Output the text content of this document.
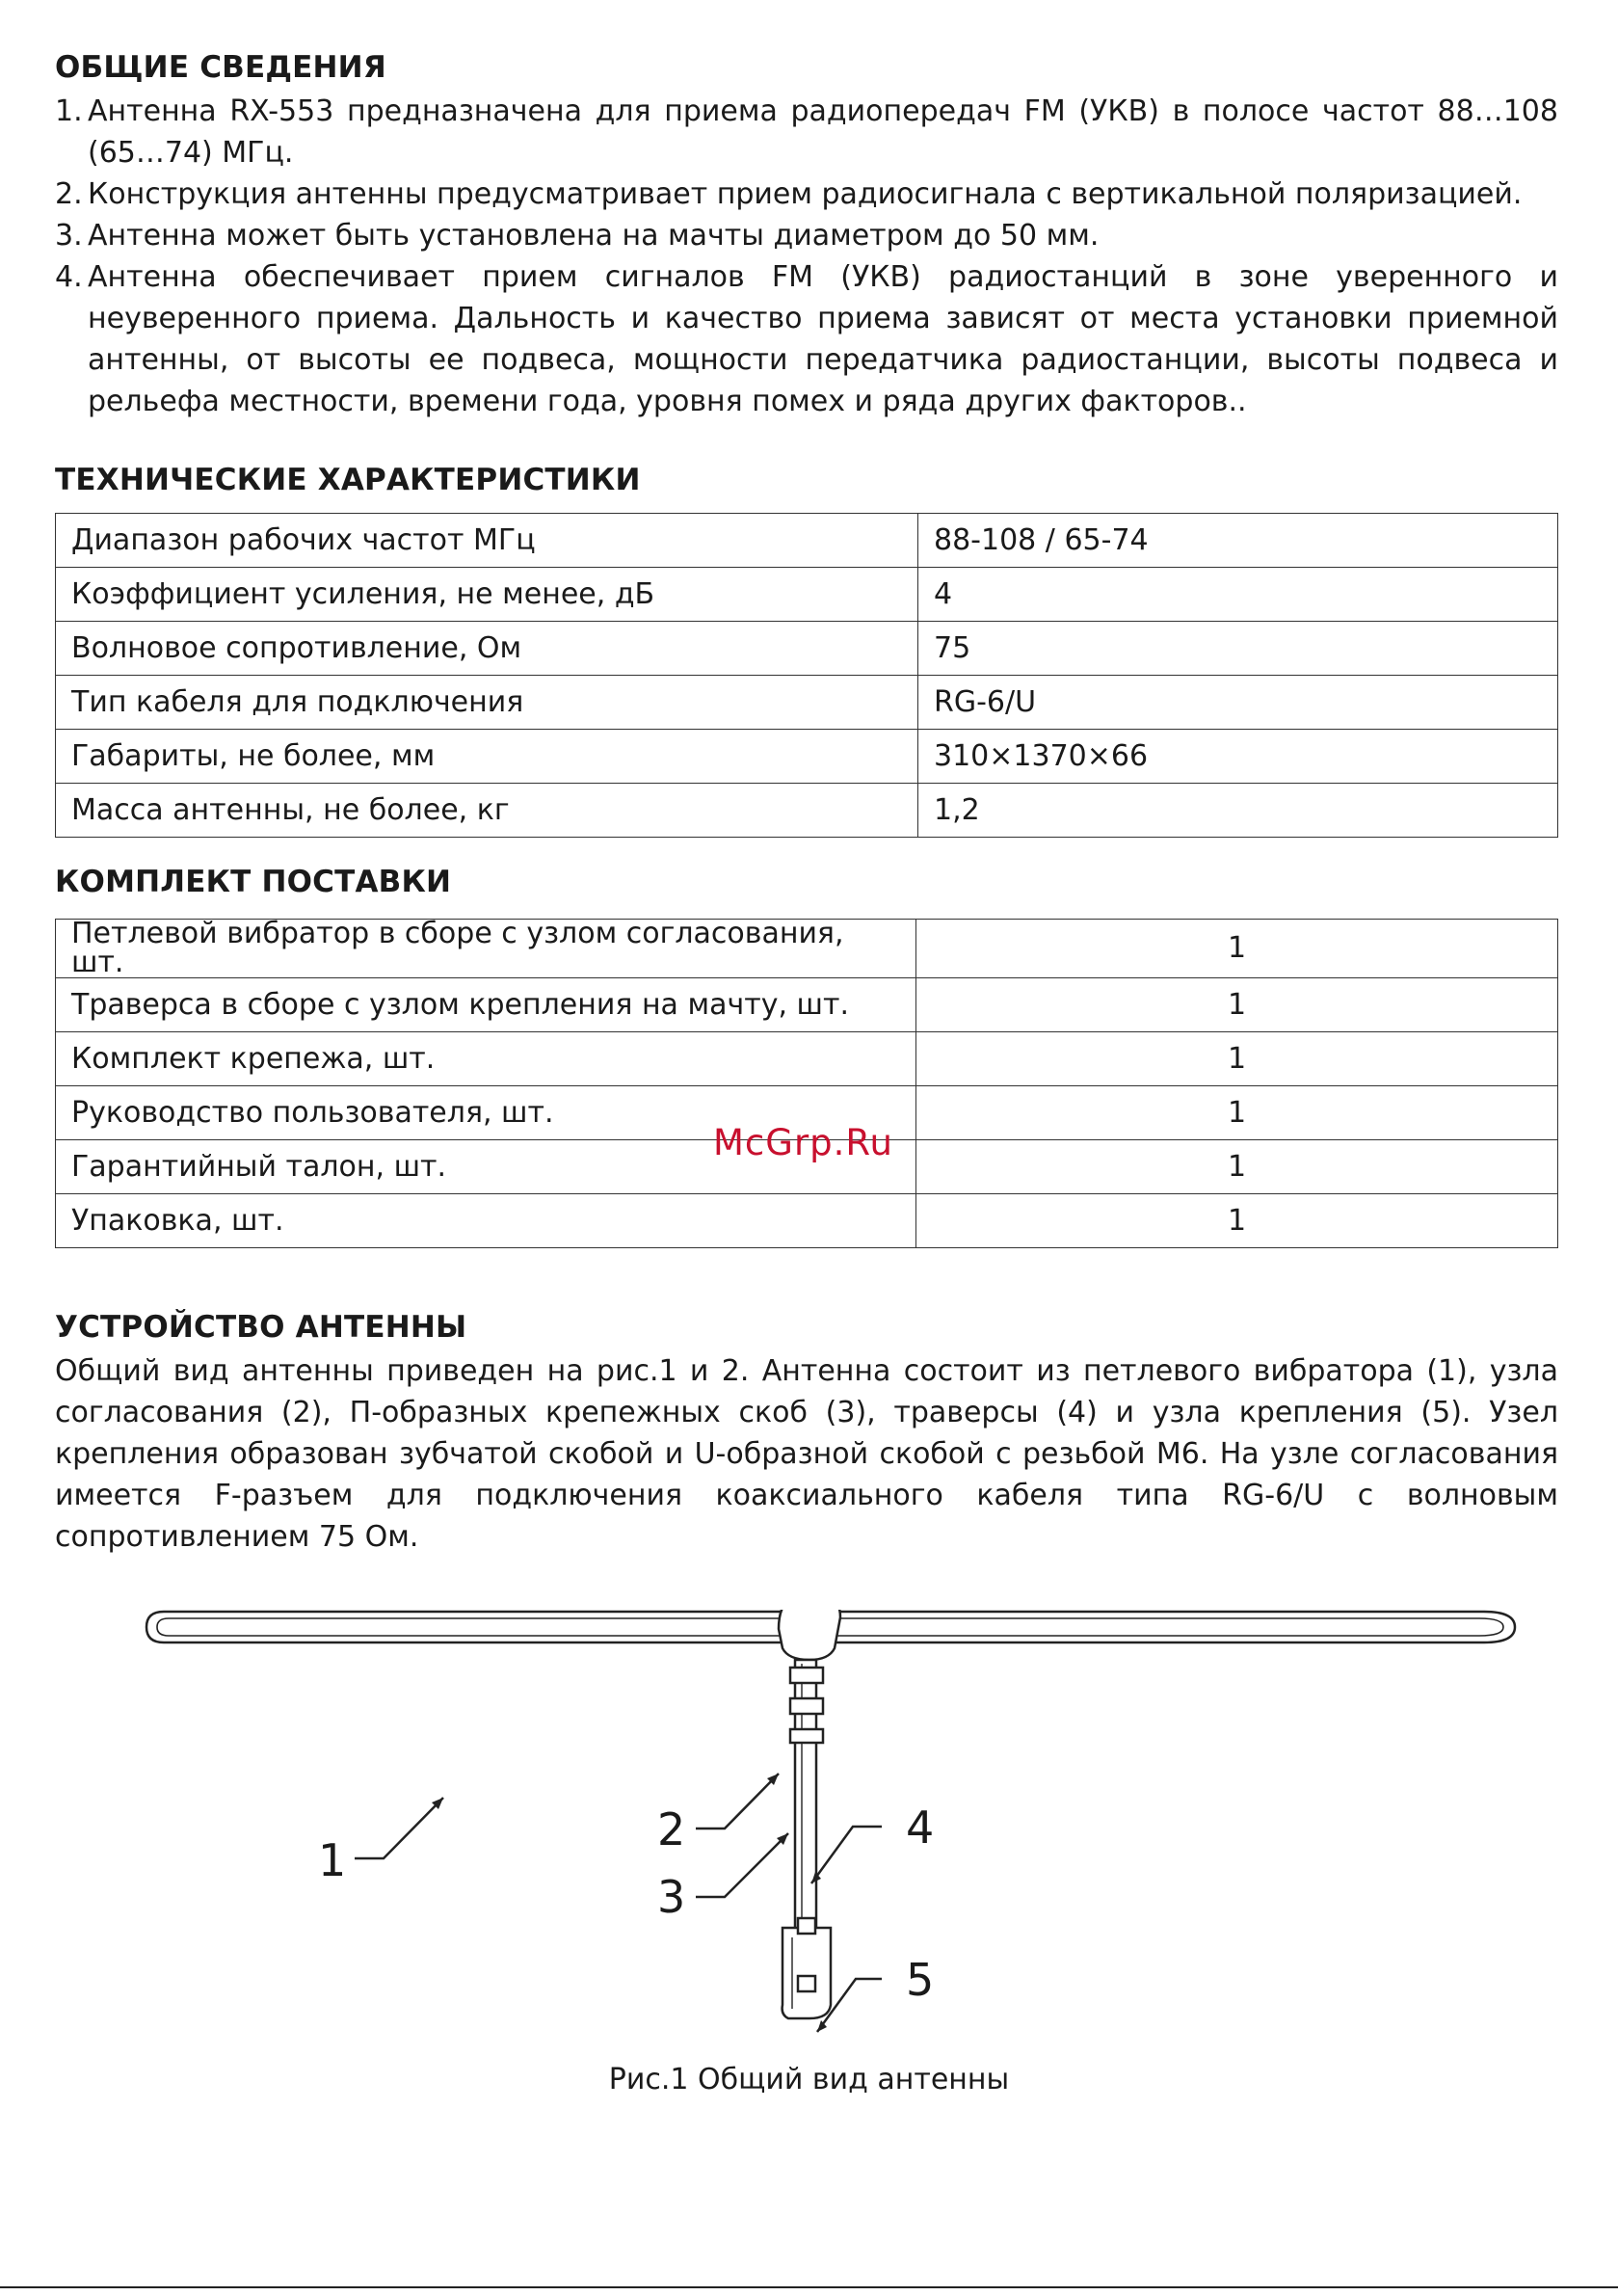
ОБЩИЕ СВЕДЕНИЯ
1. Антенна RX-553 предназначена для приема радиопередач FM (УКВ) в полосе частот 88…108 (65…74) МГц.
2. Конструкция антенны предусматривает прием радиосигнала с вертикальной поляризацией.
3. Антенна может быть установлена на мачты диаметром до 50 мм.
4. Антенна обеспечивает прием сигналов FM (УКВ) радиостанций в зоне уверенного и неуверенного приема. Дальность и качество приема зависят от места установки приемной антенны, от высоты ее подвеса, мощности передатчика радиостанции, высоты подвеса и рельефа местности, времени года, уровня помех и ряда других факторов..
ТЕХНИЧЕСКИЕ ХАРАКТЕРИСТИКИ
Диапазон рабочих частот МГц	88-108 / 65-74
Коэффициент усиления, не менее, дБ	4
Волновое сопротивление, Ом	75
Тип кабеля для подключения	RG-6/U
Габариты, не более, мм	310×1370×66
Масса антенны, не более, кг	1,2
КОМПЛЕКТ ПОСТАВКИ
Петлевой вибратор в сборе с узлом согласования, шт.	1
Траверса в сборе с узлом крепления на мачту, шт.	1
Комплект крепежа, шт.	1
Руководство пользователя, шт.	1
Гарантийный талон, шт.	1
Упаковка, шт.	1
УСТРОЙСТВО АНТЕННЫ

Общий вид антенны приведен на рис.1 и 2. Антенна состоит из петлевого вибратора (1), узла согласования (2), П-образных крепежных скоб (3), траверсы (4) и узла крепления (5). Узел крепления образован зубчатой скобой и U-образной скобой с резьбой М6. На узле согласования имеется F-разъем для подключения коаксиального кабеля типа RG-6/U с волновым сопротивлением 75 Ом.

McGrp.Ru
1
2
3
4
5
Рис.1 Общий вид антенны
